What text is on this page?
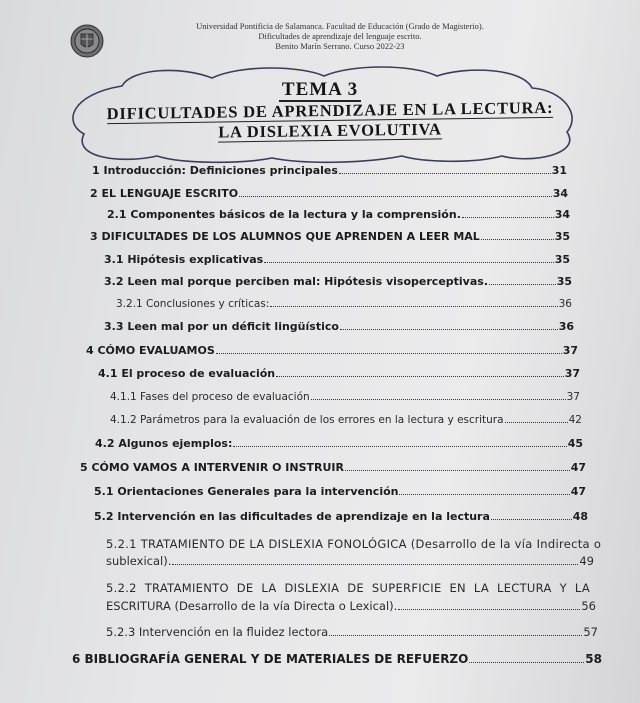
Universidad Pontificia de Salamanca. Facultad de Educación (Grado de Magisterio).
Dificultades de aprendizaje del lenguaje escrito.
Benito Marín Serrano. Curso 2022-23
TEMA 3
DIFICULTADES DE APRENDIZAJE EN LA LECTURA:
LA DISLEXIA EVOLUTIVA
1 Introducción: Definiciones principales	31
2 EL LENGUAJE ESCRITO	34
2.1 Componentes básicos de la lectura y la comprensión.	34
3 DIFICULTADES DE LOS ALUMNOS QUE APRENDEN A LEER MAL	35
3.1 Hipótesis explicativas	35
3.2 Leen mal porque perciben mal: Hipótesis visoperceptivas.	35
3.2.1 Conclusiones y críticas:	36
3.3 Leen mal por un déficit lingüístico	36
4 CÓMO EVALUAMOS	37
4.1 El proceso de evaluación	37
4.1.1 Fases del proceso de evaluación	37
4.1.2 Parámetros para la evaluación de los errores en la lectura y escritura	42
4.2 Algunos ejemplos:	45
5 CÓMO VAMOS A INTERVENIR O INSTRUIR	47
5.1 Orientaciones Generales para la intervención	47
5.2 Intervención en las dificultades de aprendizaje en la lectura	48
5.2.1 TRATAMIENTO DE LA DISLEXIA FONOLÓGICA (Desarrollo de la vía Indirecta o
sublexical).	49
5.2.2 TRATAMIENTO DE LA DISLEXIA DE SUPERFICIE EN LA LECTURA Y LA
ESCRITURA (Desarrollo de la vía Directa o Lexical).	56
5.2.3 Intervención en la fluidez lectora	57
6 BIBLIOGRAFÍA GENERAL Y DE MATERIALES DE REFUERZO	58
